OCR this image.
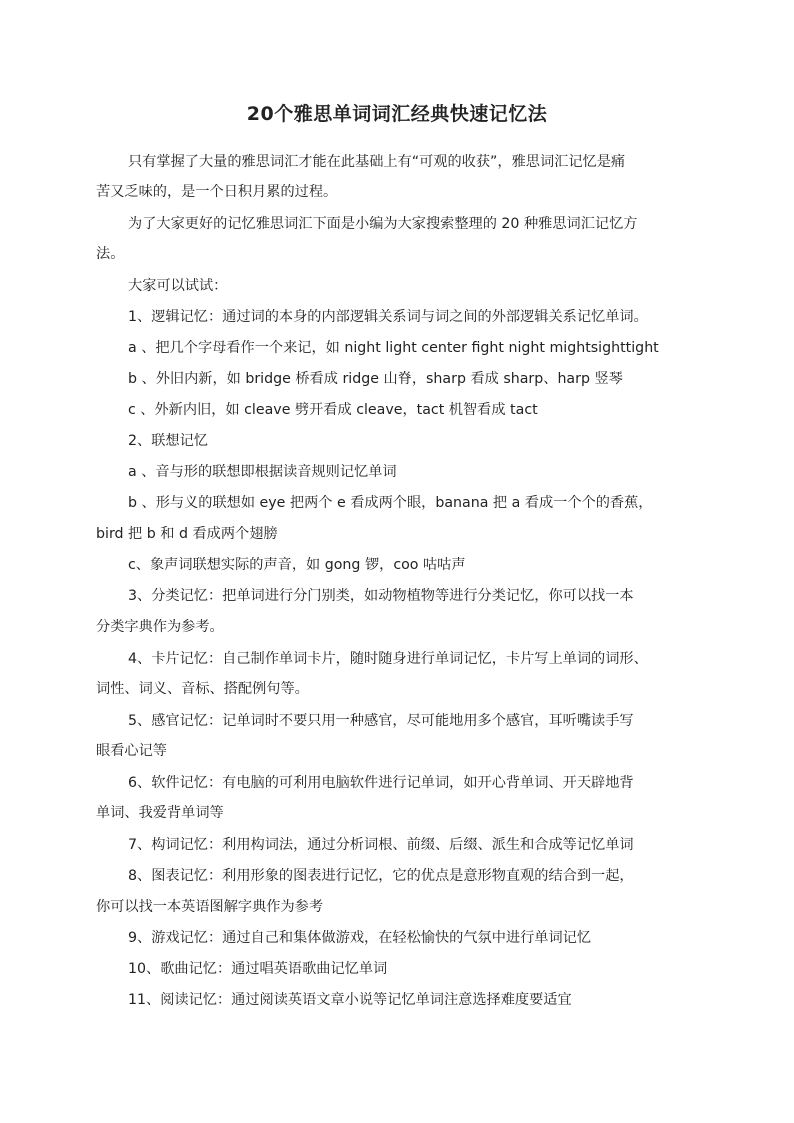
20个雅思单词词汇经典快速记忆法
只有掌握了大量的雅思词汇才能在此基础上有“可观的收获”，雅思词汇记忆是痛
苦又乏味的，是一个日积月累的过程。
为了大家更好的记忆雅思词汇下面是小编为大家搜索整理的 20 种雅思词汇记忆方
法。
大家可以试试：
1、逻辑记忆：通过词的本身的内部逻辑关系词与词之间的外部逻辑关系记忆单词。
a 、把几个字母看作一个来记，如 night light center fight night mightsighttight
b 、外旧内新，如 bridge 桥看成 ridge 山脊，sharp 看成 sharp、harp 竖琴
c 、外新内旧，如 cleave 劈开看成 cleave，tact 机智看成 tact
2、联想记忆
a 、音与形的联想即根据读音规则记忆单词
b 、形与义的联想如 eye 把两个 e 看成两个眼，banana 把 a 看成一个个的香蕉，
bird 把 b 和 d 看成两个翅膀
c、象声词联想实际的声音，如 gong 锣，coo 咕咕声
3、分类记忆：把单词进行分门别类，如动物植物等进行分类记忆，你可以找一本
分类字典作为参考。
4、卡片记忆：自己制作单词卡片，随时随身进行单词记忆，卡片写上单词的词形、
词性、词义、音标、搭配例句等。
5、感官记忆：记单词时不要只用一种感官，尽可能地用多个感官，耳听嘴读手写
眼看心记等
6、软件记忆：有电脑的可利用电脑软件进行记单词，如开心背单词、开天辟地背
单词、我爱背单词等
7、构词记忆：利用构词法，通过分析词根、前缀、后缀、派生和合成等记忆单词
8、图表记忆：利用形象的图表进行记忆，它的优点是意形物直观的结合到一起，
你可以找一本英语图解字典作为参考
9、游戏记忆：通过自己和集体做游戏，在轻松愉快的气氛中进行单词记忆
10、歌曲记忆：通过唱英语歌曲记忆单词
11、阅读记忆：通过阅读英语文章小说等记忆单词注意选择难度要适宜
